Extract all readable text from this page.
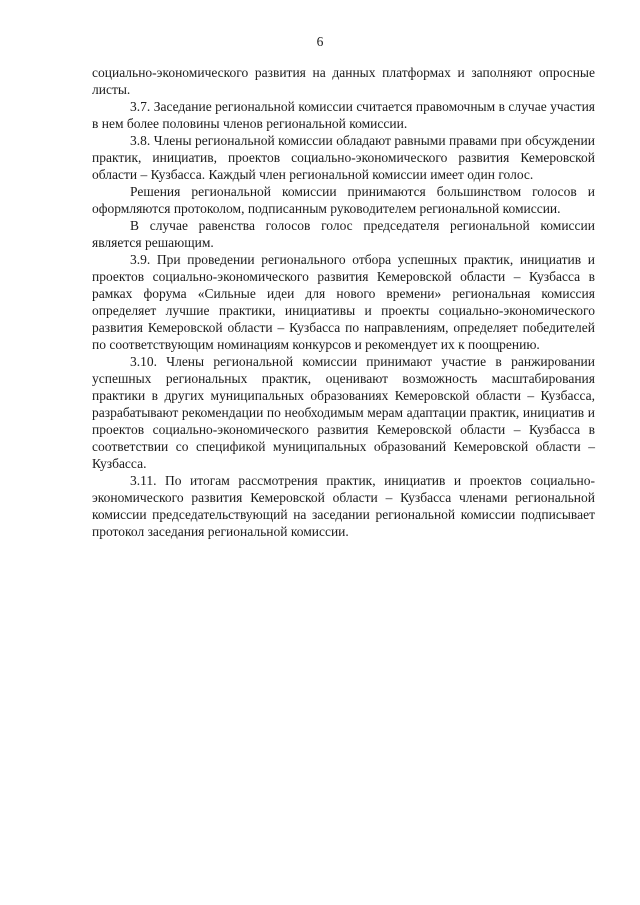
6

социально-экономического развития на данных платформах и заполняют опросные листы.

3.7. Заседание региональной комиссии считается правомочным в случае участия в нем более половины членов региональной комиссии.

3.8. Члены региональной комиссии обладают равными правами при обсуждении практик, инициатив, проектов социально-экономического развития Кемеровской области – Кузбасса. Каждый член региональной комиссии имеет один голос.

Решения региональной комиссии принимаются большинством голосов и оформляются протоколом, подписанным руководителем региональной комиссии.

В случае равенства голосов голос председателя региональной комиссии является решающим.

3.9. При проведении регионального отбора успешных практик, инициатив и проектов социально-экономического развития Кемеровской области – Кузбасса в рамках форума «Сильные идеи для нового времени» региональная комиссия определяет лучшие практики, инициативы и проекты социально-экономического развития Кемеровской области – Кузбасса по направлениям, определяет победителей по соответствующим номинациям конкурсов и рекомендует их к поощрению.

3.10. Члены региональной комиссии принимают участие в ранжировании успешных региональных практик, оценивают возможность масштабирования практики в других муниципальных образованиях Кемеровской области – Кузбасса, разрабатывают рекомендации по необходимым мерам адаптации практик, инициатив и проектов социально-экономического развития Кемеровской области – Кузбасса в соответствии со спецификой муниципальных образований Кемеровской области – Кузбасса.

3.11. По итогам рассмотрения практик, инициатив и проектов социально-экономического развития Кемеровской области – Кузбасса членами региональной комиссии председательствующий на заседании региональной комиссии подписывает протокол заседания региональной комиссии.
